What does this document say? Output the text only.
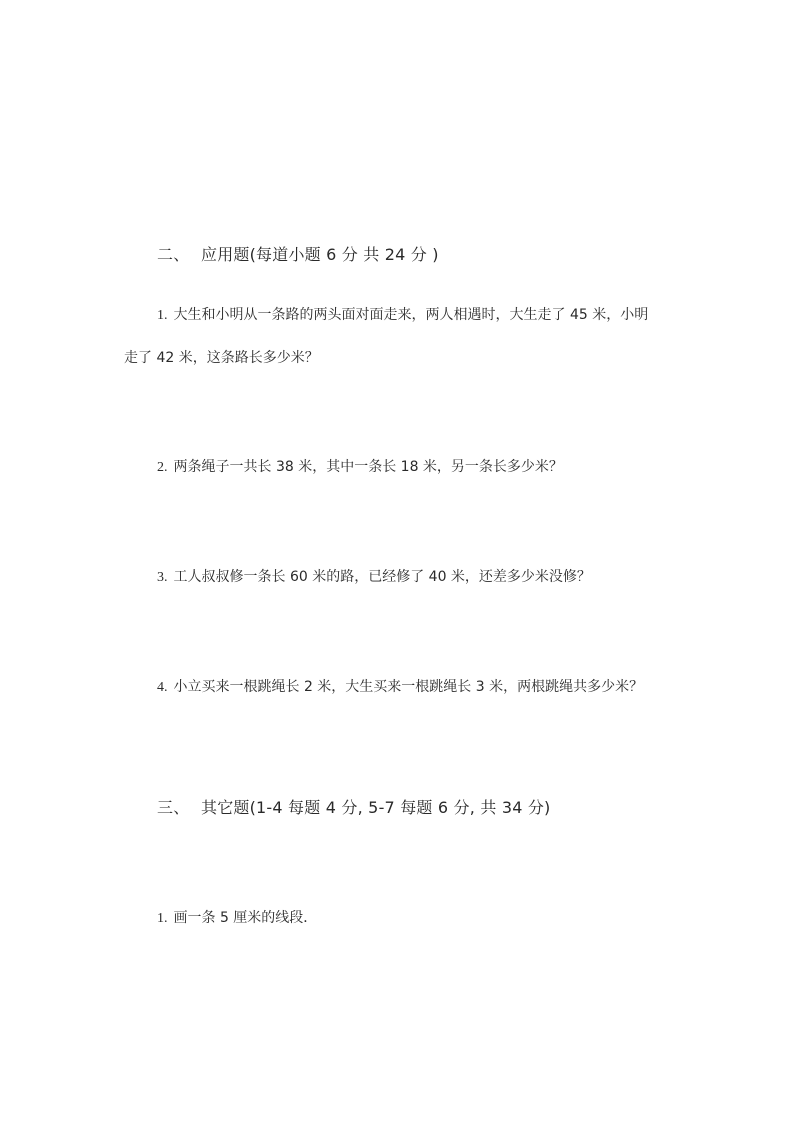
二、 应用题(每道小题 6 分 共 24 分 )
1. 大生和小明从一条路的两头面对面走来，两人相遇时，大生走了 45 米，小明
走了 42 米，这条路长多少米？
2. 两条绳子一共长 38 米，其中一条长 18 米，另一条长多少米？
3. 工人叔叔修一条长 60 米的路，已经修了 40 米，还差多少米没修？
4. 小立买来一根跳绳长 2 米，大生买来一根跳绳长 3 米，两根跳绳共多少米？
三、 其它题(1-4 每题 4 分, 5-7 每题 6 分, 共 34 分)
1. 画一条 5 厘米的线段．
